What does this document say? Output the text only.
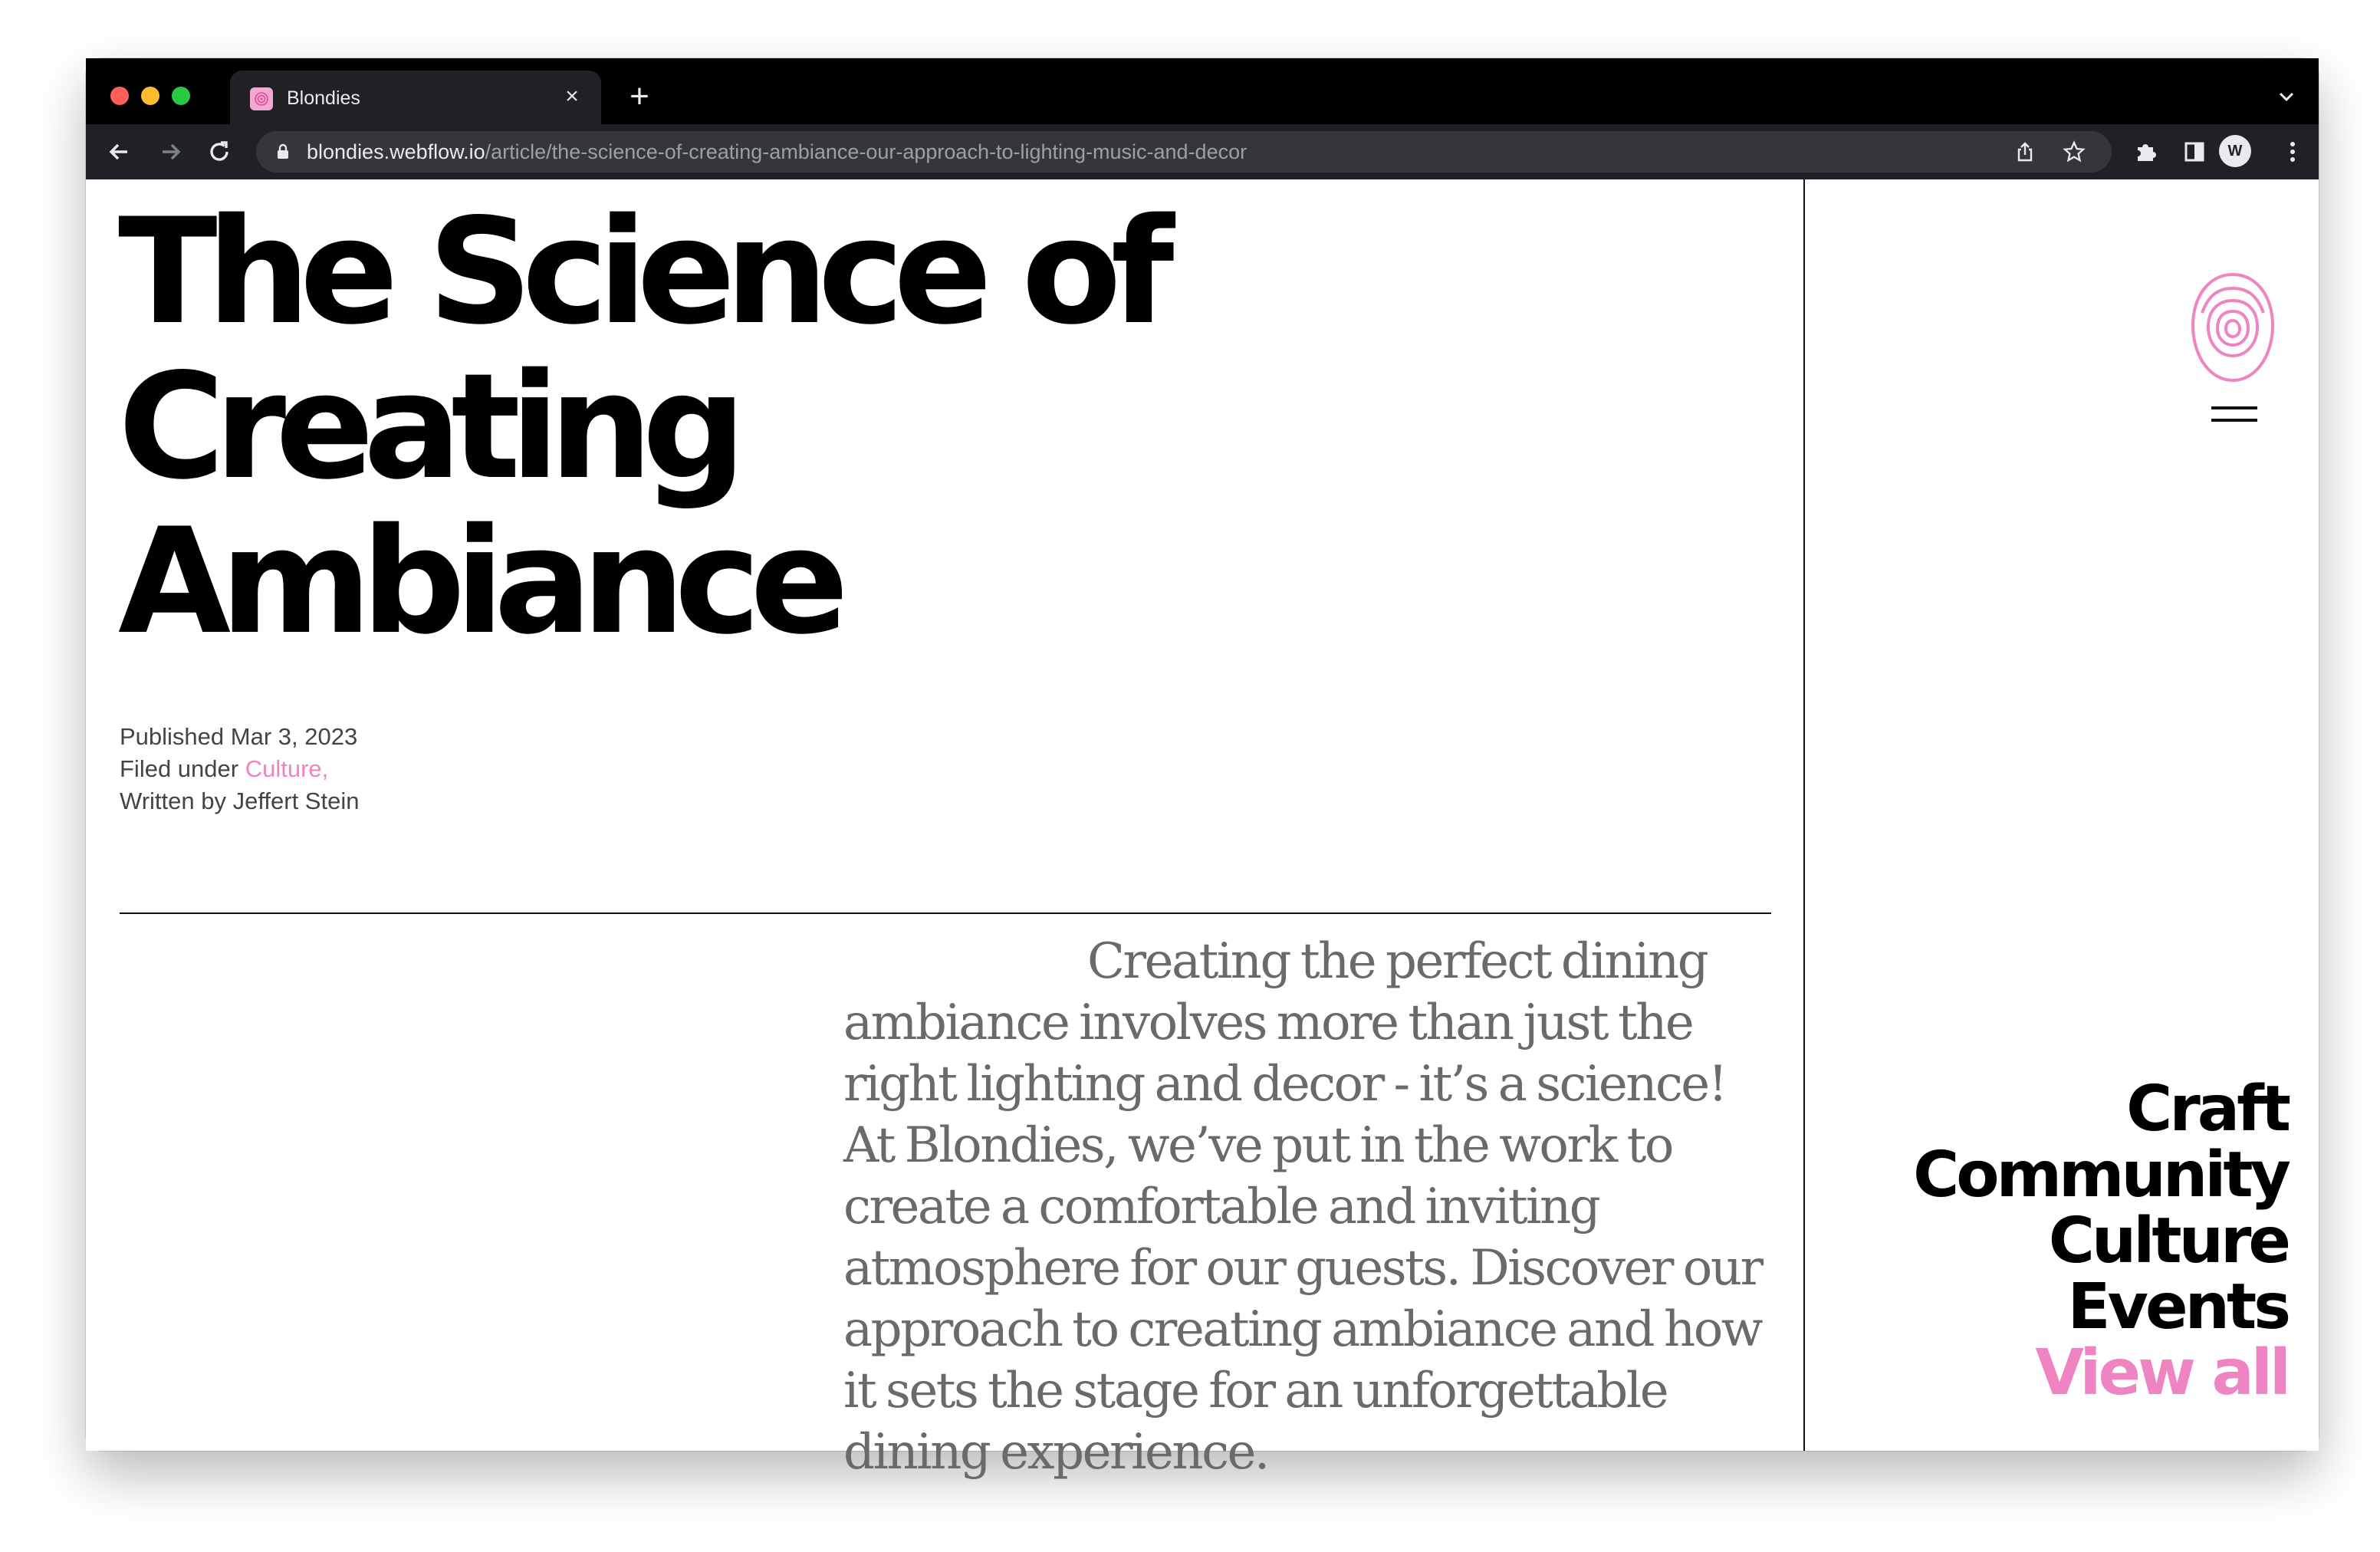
Blondies	× +
blondies.webflow.io/article/the-science-of-creating-ambiance-our-approach-to-lighting-music-and-decor	W
The Science of Creating Ambiance
Published Mar 3, 2023
Filed under Culture,
Written by Jeffert Stein

Creating the perfect dining ambiance involves more than just the right lighting and decor - it’s a science! At Blondies, we’ve put in the work to create a comfortable and inviting atmosphere for our guests. Discover our approach to creating ambiance and how it sets the stage for an unforgettable dining experience.

Craft
Community
Culture
Events
View all
